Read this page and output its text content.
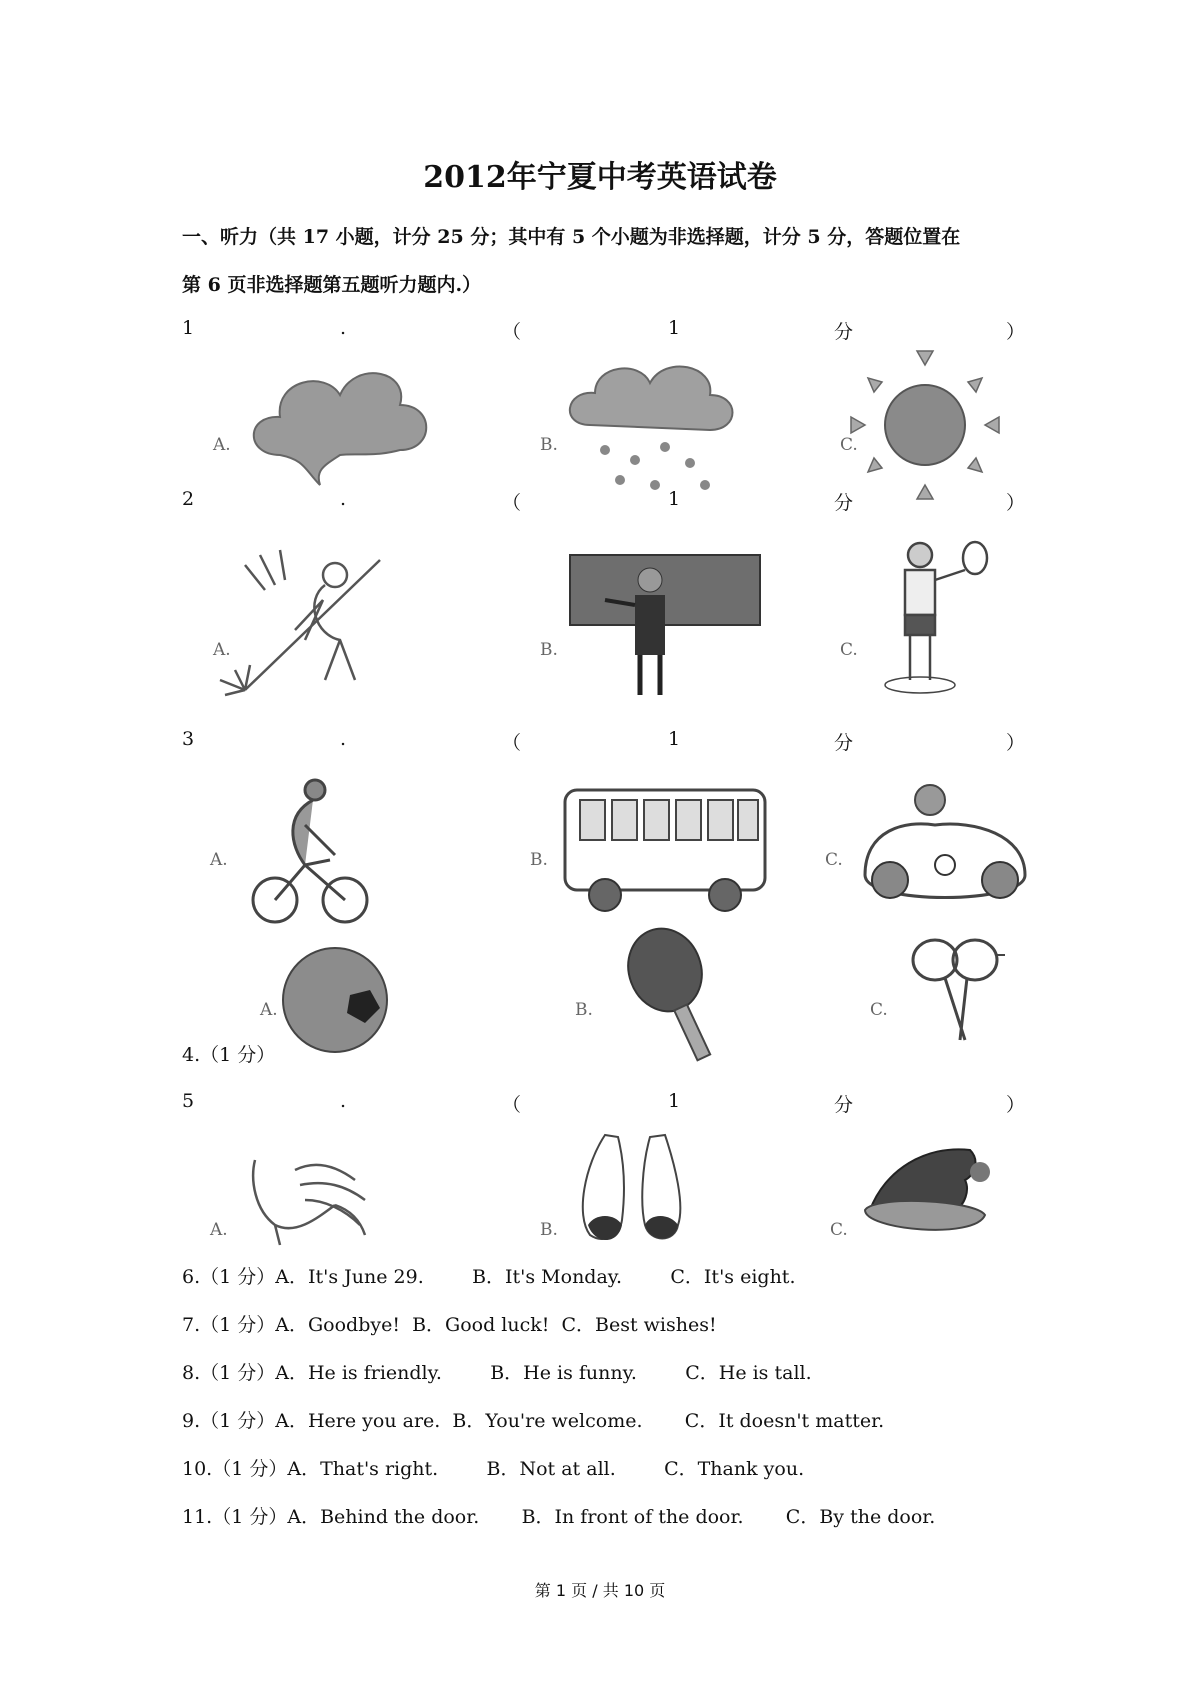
2012年宁夏中考英语试卷
一、听力（共 17 小题，计分 25 分；其中有 5 个小题为非选择题，计分 5 分，答题位置在
第 6 页非选择题第五题听力题内.）
1	.	（	1	分	）
A.	B.	C.
2	.	（	1	分	）
A.	B.	C.
3	.	（	1	分	）
A.	B.	C.
A.	B.	C.
4.（1 分）
5	.	（	1	分	）
A.	B.	C.
6.（1 分）A．It's June 29.	B．It's Monday.	C．It's eight.
7.（1 分）A．Goodbye! B．Good luck! C．Best wishes!
8.（1 分）A．He is friendly.	B．He is funny.	C．He is tall.
9.（1 分）A．Here you are. B．You're welcome. C．It doesn't matter.
10.（1 分）A．That's right.	B．Not at all.	C．Thank you.
11.（1 分）A．Behind the door. B．In front of the door. C．By the door.
第 1 页 / 共 10 页
